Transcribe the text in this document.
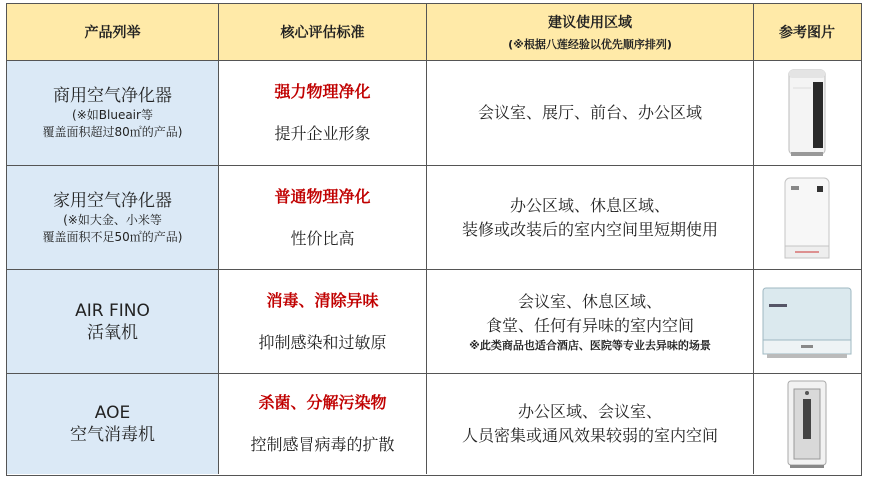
产品列举	核心评估标准
建议使用区域
(※根据八莲经验以优先顺序排列)
参考图片
商用空气净化器
(※如Blueair等
覆盖面积超过80㎡的产品)
强力物理净化
提升企业形象
会议室、展厅、前台、办公区域
家用空气净化器
(※如大金、小米等
覆盖面积不足50㎡的产品)
普通物理净化
性价比高
办公区域、休息区域、
装修或改装后的室内空间里短期使用
AIR FINO
活氧机
消毒、清除异味
抑制感染和过敏原
会议室、休息区域、
食堂、任何有异味的室内空间
※此类商品也适合酒店、医院等专业去异味的场景
AOE
空气消毒机
杀菌、分解污染物
控制感冒病毒的扩散
办公区域、会议室、
人员密集或通风效果较弱的室内空间
